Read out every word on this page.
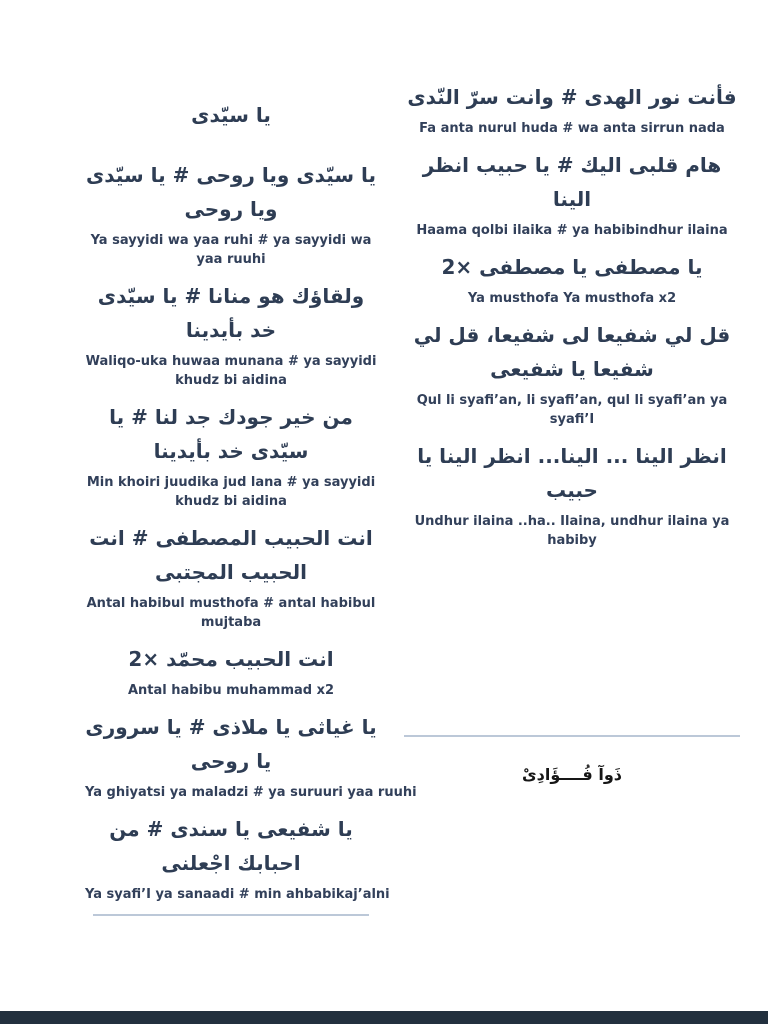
يا سيّدى

يا سيّدى ويا روحى # يا سيّدى ويا روحى

Ya sayyidi wa yaa ruhi # ya sayyidi wa yaa ruuhi

ولقاؤك هو منانا # يا سيّدى خد بأيدينا

Waliqo-uka huwaa munana # ya sayyidi khudz bi aidina

من خير جودك جد لنا # يا سيّدى خد بأيدينا

Min khoiri juudika jud lana # ya sayyidi khudz bi aidina

انت الحبيب المصطفى # انت الحبيب المجتبى

Antal habibul musthofa # antal habibul mujtaba

انت الحبيب محمّد ×2

Antal habibu muhammad x2

يا غياثى يا ملاذى # يا سرورى يا روحى

Ya ghiyatsi ya maladzi # ya suruuri yaa ruuhi

يا شفيعى يا سندى # من احبابك اجْعلنى

Ya syafi’I ya sanaadi # min ahbabikaj’alni

فأنت نور الهدى # وانت سرّ النّدى

Fa anta nurul huda # wa anta sirrun nada

هام قلبى اليك # يا حبيب انظر الينا

Haama qolbi ilaika # ya habibindhur ilaina

يا مصطفى يا مصطفى ×2

Ya musthofa Ya musthofa x2

قل لي شفيعا لى شفيعا، قل لي شفيعا يا شفيعى

Qul li syafi’an, li syafi’an, qul li syafi’an ya syafi’I

انظر الينا ... الينا... انظر الينا يا حبيب

Undhur ilaina ..ha.. Ilaina, undhur ilaina ya habiby

ذَوآ فُــــؤَادِىْ
